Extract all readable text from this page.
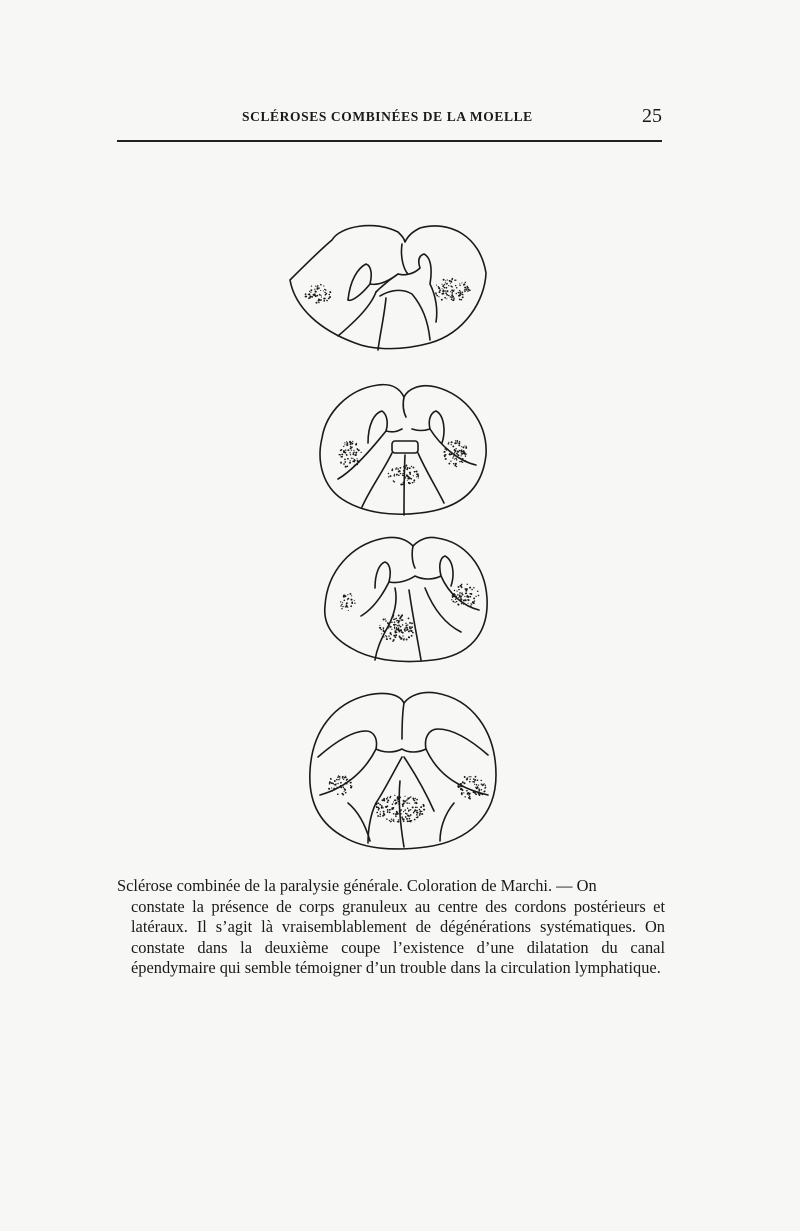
SCLÉROSES COMBINÉES DE LA MOELLE	25
Sclérose combinée de la paralysie générale. Coloration de Marchi. — On
constate la présence de corps granuleux au centre des cordons postérieurs et latéraux. Il s’agit là vraisemblablement de dégénérations systématiques. On constate dans la deuxième coupe l’existence d’une dilatation du canal épendymaire qui semble témoigner d’un trouble dans la circulation lymphatique.
